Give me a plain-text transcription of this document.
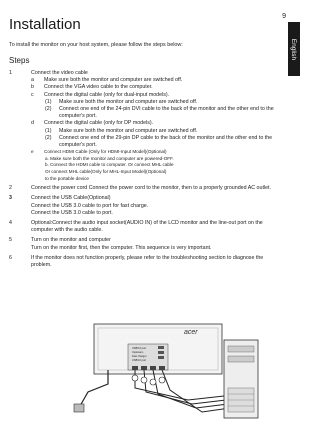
9
English
Installation

To install the monitor on your host system, please follow the steps below:

Steps
1	Connect the video cable
a	Make sure both the monitor and computer are switched off.
b	Connect the VGA video cable to the computer.
c	Connect the digital cable (only for dual-input models).
(1)	Make sure both the monitor and computer are switched off.
(2)	Connect one end of the 24-pin DVI cable to the back of the monitor and the other end to the computer's port.
d	Connect the digital cable (only for DP models).
(1)	Make sure both the monitor and computer are switched off.
(2)	Connect one end of the 29-pin DP cable to the back of the monitor and the other end to the computer's port.
e	Connect HDMI Cable (Only for HDMI-Input Model)(Optional)
a. Make sure both the monitor and computer are powered-OFF.
b. Connect the HDMI cable to computer. Or connect MHL cable
Or connect MHL cable(Only for MHL-Input Model)(Optional)
to the portable device
2	Connect the power cord Connect the power cord to the monitor, then to a properly grounded AC outlet.
3	Connect the USB Cable(Optional)
Connect the USB 3.0 cable to port for fast charge.
Connect the USB 3.0 cable to port.
4	Optional:Connect the audio input socket(AUDIO IN) of the LCD monitor and the line-out port on the computer with the audio cable.
5	Turn on the monitor and computer
Turn on the monitor first, then the computer. This sequence is very important.
6	If the monitor does not function properly, please refer to the troubleshooting section to diagnose the problem.
acer
USB3.0 port
Upstream
Fast charger
USB3.0 port
